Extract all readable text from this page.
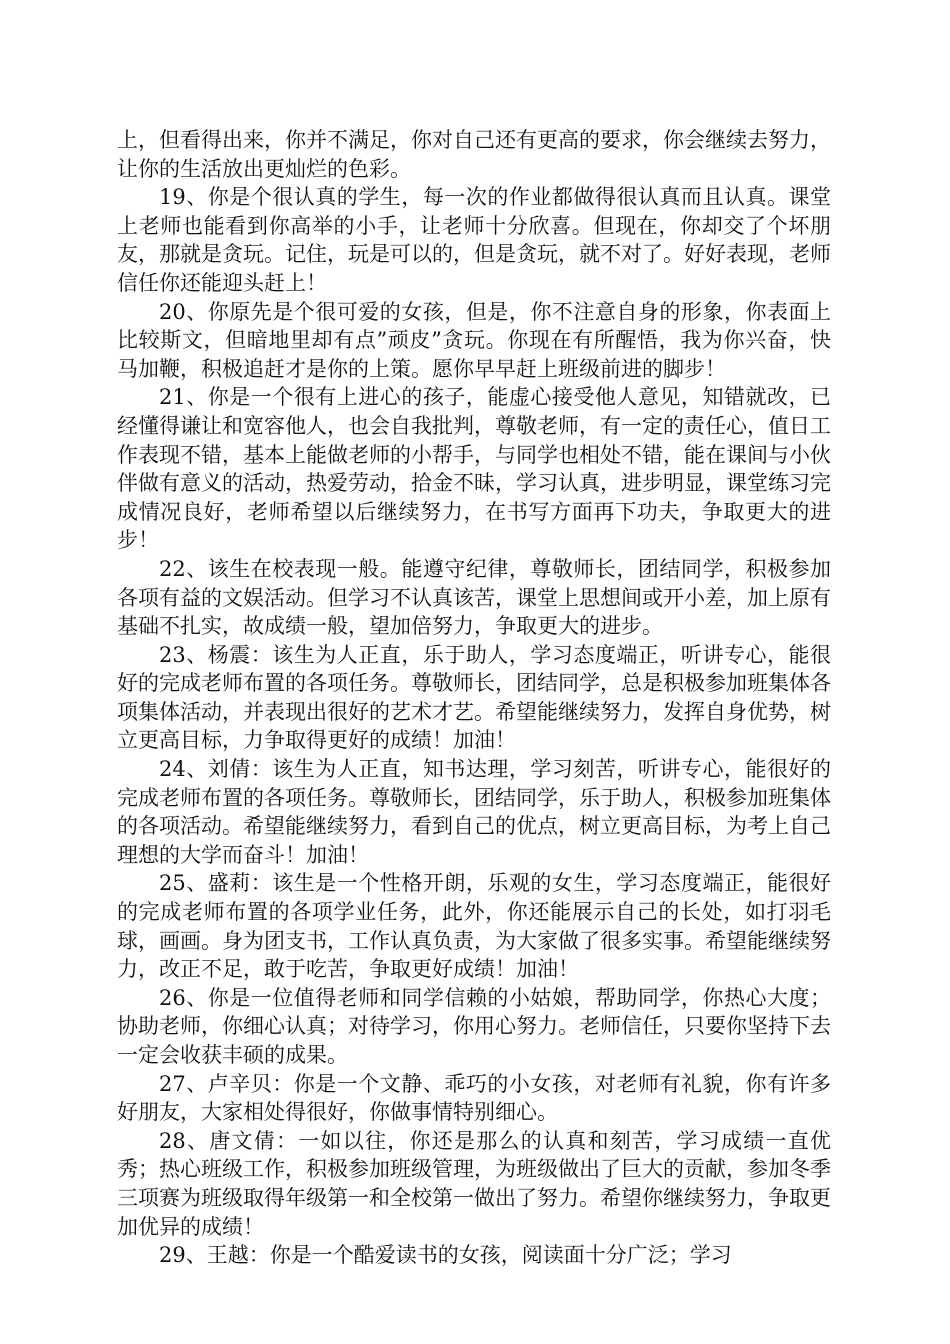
上，但看得出来，你并不满足，你对自己还有更高的要求，你会继续去努力，让你的生活放出更灿烂的色彩。

19、你是个很认真的学生，每一次的作业都做得很认真而且认真。课堂上老师也能看到你高举的小手，让老师十分欣喜。但现在，你却交了个坏朋友，那就是贪玩。记住，玩是可以的，但是贪玩，就不对了。好好表现，老师信任你还能迎头赶上！

20、你原先是个很可爱的女孩，但是，你不注意自身的形象，你表面上比较斯文，但暗地里却有点”顽皮”贪玩。你现在有所醒悟，我为你兴奋，快马加鞭，积极追赶才是你的上策。愿你早早赶上班级前进的脚步！

21、你是一个很有上进心的孩子，能虚心接受他人意见，知错就改，已经懂得谦让和宽容他人，也会自我批判，尊敬老师，有一定的责任心，值日工作表现不错，基本上能做老师的小帮手，与同学也相处不错，能在课间与小伙伴做有意义的活动，热爱劳动，拾金不昧，学习认真，进步明显，课堂练习完成情况良好，老师希望以后继续努力，在书写方面再下功夫，争取更大的进步！

22、该生在校表现一般。能遵守纪律，尊敬师长，团结同学，积极参加各项有益的文娱活动。但学习不认真该苦，课堂上思想间或开小差，加上原有基础不扎实，故成绩一般，望加倍努力，争取更大的进步。

23、杨震：该生为人正直，乐于助人，学习态度端正，听讲专心，能很好的完成老师布置的各项任务。尊敬师长，团结同学，总是积极参加班集体各项集体活动，并表现出很好的艺术才艺。希望能继续努力，发挥自身优势，树立更高目标，力争取得更好的成绩！加油！

24、刘倩：该生为人正直，知书达理，学习刻苦，听讲专心，能很好的完成老师布置的各项任务。尊敬师长，团结同学，乐于助人，积极参加班集体的各项活动。希望能继续努力，看到自己的优点，树立更高目标，为考上自己理想的大学而奋斗！加油！

25、盛莉：该生是一个性格开朗，乐观的女生，学习态度端正，能很好的完成老师布置的各项学业任务，此外，你还能展示自己的长处，如打羽毛球，画画。身为团支书，工作认真负责，为大家做了很多实事。希望能继续努力，改正不足，敢于吃苦，争取更好成绩！加油！

26、你是一位值得老师和同学信赖的小姑娘，帮助同学，你热心大度；协助老师，你细心认真；对待学习，你用心努力。老师信任，只要你坚持下去一定会收获丰硕的成果。

27、卢辛贝：你是一个文静、乖巧的小女孩，对老师有礼貌，你有许多好朋友，大家相处得很好，你做事情特别细心。

28、唐文倩：一如以往，你还是那么的认真和刻苦，学习成绩一直优秀；热心班级工作，积极参加班级管理，为班级做出了巨大的贡献，参加冬季三项赛为班级取得年级第一和全校第一做出了努力。希望你继续努力，争取更加优异的成绩！

29、王越：你是一个酷爱读书的女孩，阅读面十分广泛；学习
